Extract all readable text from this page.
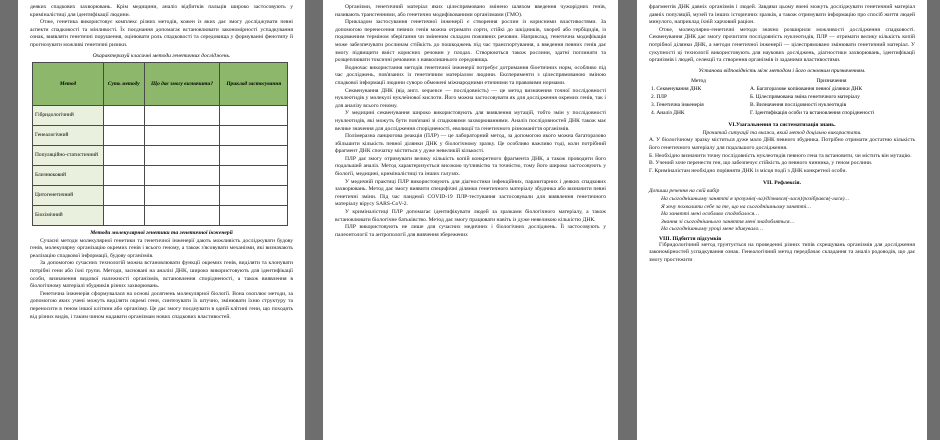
деяких спадкових захворювань. Крім медицини, аналіз відбитків пальців широко застосовують у криміналістиці для ідентифікації людини.

Отже, генетика використовує комплекс різних методів, кожен із яких дає змогу досліджувати певні аспекти спадковості та мінливості. Їх поєднання допомагає встановлювати закономірності успадкування ознак, виявляти генетичні порушення, оцінювати роль спадковості та середовища у формуванні фенотипу й прогнозувати можливі генетичні ризики.

Охарактеризуй класичні методи генетичних досліджень.
Метод	Суть методу	Що дає змогу визначити?	Приклад застосування
Гібридологічний			
Генеалогічний			
Популяційно-статистичний			
Близнюковий			
Цитогенетичний			
Біохімічний			
Методи молекулярної генетики та генетичної інженерії

Сучасні методи молекулярної генетики та генетичної інженерії дають можливість досліджувати будову генів, молекулярну організацію окремих генів і всього геному, а також з'ясовувати механізми, які визначають реалізацію спадкової інформації, будову організмів.

За допомогою сучасних технологій можна встановлювати функції окремих генів, виділяти та клонувати потрібні гени або їхні групи. Методи, засновані на аналізі ДНК, широко використовують для ідентифікації особи, визначення видової належності організмів, встановлення спорідненості, а також виявлення в біологічному матеріалі збудників різних захворювань.

Генетична інженерія сформувалася на основі досягнень молекулярної біології. Вона охоплює методи, за допомогою яких учені можуть виділяти окремі гени, синтезувати їх штучно, змінювати їхню структуру та переносити в геном іншої клітини або організму. Це дає змогу поєднувати в одній клітині гени, що походять від різних видів, і таким чином надавати організмам нових спадкових властивостей.

Організми, генетичний матеріал яких цілеспрямовано змінено шляхом введення чужорідних генів, називають трансгенними, або генетично модифікованими організмами (ГМО).

Прикладом застосування генетичної інженерії є створення рослин із корисними властивостями. За допомогою перенесення певних генів можна отримати сорти, стійкі до шкідників, хвороб або гербіцидів, із подовженим терміном зберігання чи зміненим складом поживних речовин. Наприклад, генетична модифікація може забезпечувати рослинам стійкість до пошкоджень під час транспортування, а введення певних генів дає змогу підвищити вміст корисних речовин у плодах. Створюються також рослини, здатні поглинати та розщеплювати токсичні речовини з навколишнього середовища.

Водночас використання методів генетичної інженерії потребує дотримання біоетичних норм, особливо під час досліджень, пов'язаних із генетичним матеріалом людини. Експерименти з цілеспрямованою зміною спадкової інформації людини суворо обмежені міжнародними етичними та правовими нормами.

Секвенування ДНК (від англ. sequence — послідовність) — це метод визначення точної послідовності нуклеотидів у молекулі нуклеїнової кислоти. Його можна застосовувати як для дослідження окремих генів, так і для аналізу всього геному.

У медицині секвенування широко використовують для виявлення мутацій, тобто змін у послідовності нуклеотидів, які можуть бути пов'язані зі спадковими захворюваннями. Аналіз послідовностей ДНК також має велике значення для дослідження спорідненості, еволюції та генетичного різноманіття організмів.

Полімеразна ланцюгова реакція (ПЛР) — це лабораторний метод, за допомогою якого можна багаторазово збільшити кількість певної ділянки ДНК у біологічному зразку. Це особливо важливо тоді, коли потрібний фрагмент ДНК спочатку міститься у дуже невеликій кількості.

ПЛР дає змогу отримувати велику кількість копій конкретного фрагмента ДНК, а також проводити його подальший аналіз. Метод характеризується високою чутливістю та точністю, тому його широко застосовують у біології, медицині, криміналістиці та інших галузях.

У медичній практиці ПЛР використовують для діагностики інфекційних, паразитарних і деяких спадкових захворювань. Метод дає змогу виявити специфічні ділянки генетичного матеріалу збудника або визначити певні генетичні зміни. Під час пандемії COVID-19 ПЛР-тестування застосовували для виявлення генетичного матеріалу вірусу SARS-CoV-2.

У криміналістиці ПЛР допомагає ідентифікувати людей за зразками біологічного матеріалу, а також встановлювати біологічне батьківство. Метод дає змогу працювати навіть із дуже невеликою кількістю ДНК.

ПЛР використовують не лише для сучасних медичних і біологічних досліджень. Її застосовують у палеонтології та антропології для вивчення збережених

фрагментів ДНК давніх організмів і людей. Завдяки цьому вчені можуть досліджувати генетичний матеріал давніх популяцій, музей та інших історичних зразків, а також отримувати інформацію про спосіб життя людей минулого, наприклад їхній харчовий раціон.

Отже, молекулярно-генетичні методи значно розширили можливості дослідження спадковості. Секвенування ДНК дає змогу прочитати послідовність нуклеотидів, ПЛР — отримати велику кількість копій потрібної ділянки ДНК, а методи генетичної інженерії — цілеспрямовано змінювати генетичний матеріал. У сукупності ці технології використовують для наукових досліджень, діагностики захворювань, ідентифікації організмів і людей, селекції та створення організмів із заданими властивостями.

Установи відповідність між методом і його основним призначенням.
Метод	Призначення
1. Секвенування ДНК	А. Багаторазове копіювання певної ділянки ДНК
2. ПЛР	Б. Цілеспрямована зміна генетичного матеріалу
3. Генетична інженерія	В. Визначення послідовності нуклеотидів
4. Аналіз ДНК	Г. Ідентифікація особи та встановлення спорідненості
VI.Узагальнення та систематизація знань.

Прочитай ситуації та вкажи, який метод доцільно використати.

А. У біологічному зразку міститься дуже мало ДНК певного збудника. Потрібно отримати достатню кількість його генетичного матеріалу для подальшого дослідження.

Б. Необхідно визначити точну послідовність нуклеотидів певного гена та встановити, чи містить він мутацію.

В. Учений хоче перенести ген, що забезпечує стійкість до певного чинника, у геном рослини.

Г. Криміналістам необхідно порівняти ДНК із місця події з ДНК конкретної особи.

VII. Рефлексія.

Допиши речення на свій вибір

На сьогоднішньому занятті я зрозумів(-ла)/дізнався(-лася)/розібрався(-лася)…

Я хочу похвалити себе за те, що на сьогоднішньому занятті…

На занятті мені особливо сподобалося…

Знання зі сьогоднішнього заняття мені знадобляться…

На сьогоднішньому уроці мене здивувало…

VIII. Підбиття підсумків

Гібридологічний метод грунтується на проведенні різних типів схрещувань організмів для дослідження закономірностей успадкування ознак. Генеалогічний метод передбачає складання та аналіз родоводів, що дає змогу простежити
